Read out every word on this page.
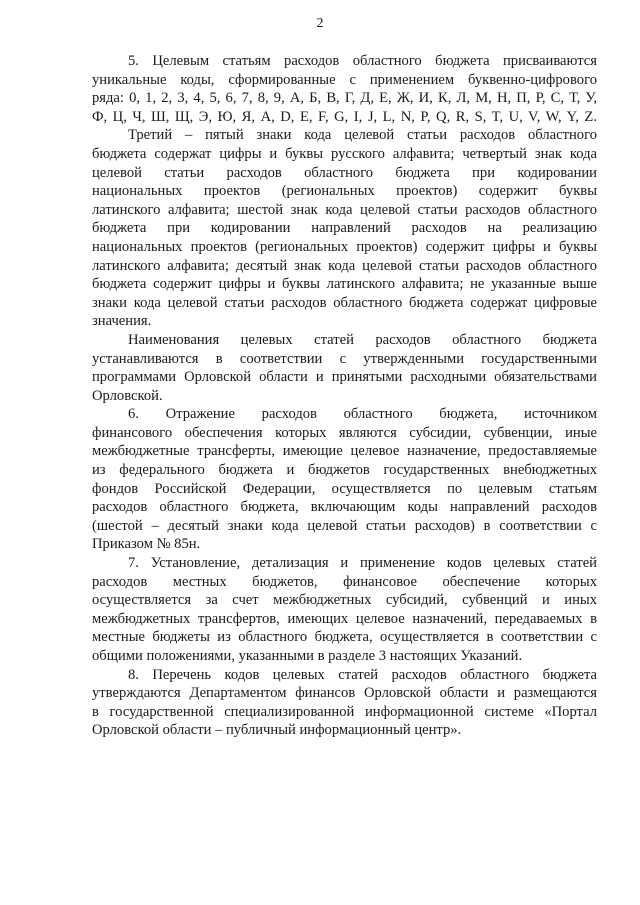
2
5. Целевым статьям расходов областного бюджета присваиваются
уникальные коды, сформированные с применением буквенно-цифрового
ряда: 0, 1, 2, 3, 4, 5, 6, 7, 8, 9, А, Б, В, Г, Д, Е, Ж, И, К, Л, М, Н, П, Р, С, Т, У,
Ф, Ц, Ч, Ш, Щ, Э, Ю, Я, A, D, E, F, G, I, J, L, N, P, Q, R, S, T, U, V, W, Y, Z.
Третий – пятый знаки кода целевой статьи расходов областного
бюджета содержат цифры и буквы русского алфавита; четвертый знак кода
целевой статьи расходов областного бюджета при кодировании
национальных проектов (региональных проектов) содержит буквы
латинского алфавита; шестой знак кода целевой статьи расходов областного
бюджета при кодировании направлений расходов на реализацию
национальных проектов (региональных проектов) содержит цифры и буквы
латинского алфавита; десятый знак кода целевой статьи расходов областного
бюджета содержит цифры и буквы латинского алфавита; не указанные выше
знаки кода целевой статьи расходов областного бюджета содержат цифровые
значения.
Наименования целевых статей расходов областного бюджета
устанавливаются в соответствии с утвержденными государственными
программами Орловской области и принятыми расходными обязательствами
Орловской.
6. Отражение расходов областного бюджета, источником
финансового обеспечения которых являются субсидии, субвенции, иные
межбюджетные трансферты, имеющие целевое назначение, предоставляемые
из федерального бюджета и бюджетов государственных внебюджетных
фондов Российской Федерации, осуществляется по целевым статьям
расходов областного бюджета, включающим коды направлений расходов
(шестой – десятый знаки кода целевой статьи расходов) в соответствии с
Приказом № 85н.
7. Установление, детализация и применение кодов целевых статей
расходов местных бюджетов, финансовое обеспечение которых
осуществляется за счет межбюджетных субсидий, субвенций и иных
межбюджетных трансфертов, имеющих целевое назначений, передаваемых в
местные бюджеты из областного бюджета, осуществляется в соответствии с
общими положениями, указанными в разделе 3 настоящих Указаний.
8. Перечень кодов целевых статей расходов областного бюджета
утверждаются Департаментом финансов Орловской области и размещаются
в государственной специализированной информационной системе «Портал
Орловской области – публичный информационный центр».
